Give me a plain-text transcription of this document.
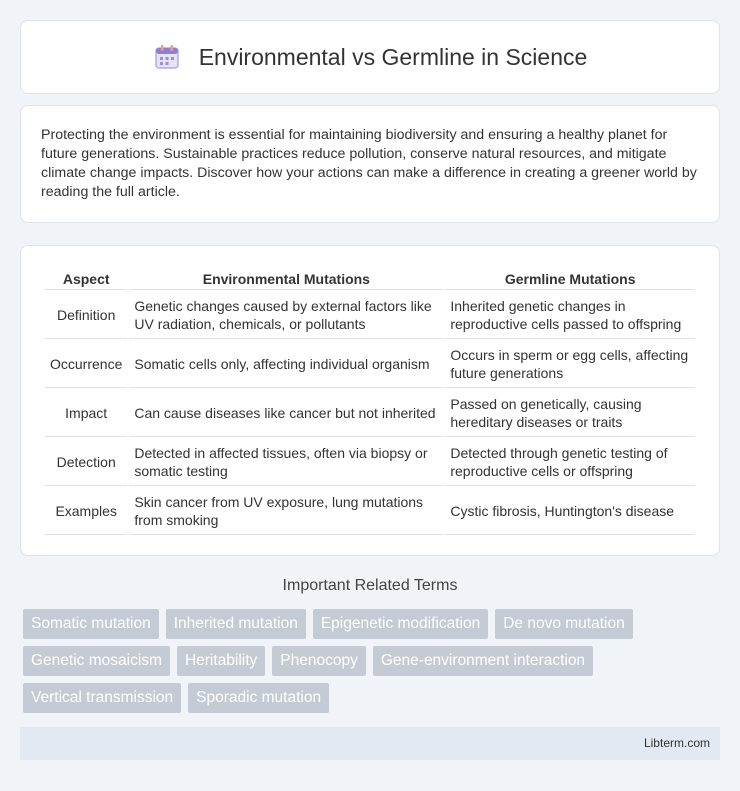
Environmental vs Germline in Science

Protecting the environment is essential for maintaining biodiversity and ensuring a healthy planet for future generations. Sustainable practices reduce pollution, conserve natural resources, and mitigate climate change impacts. Discover how your actions can make a difference in creating a greener world by reading the full article.

Aspect	Environmental Mutations	Germline Mutations
Definition	Genetic changes caused by external factors like UV radiation, chemicals, or pollutants	Inherited genetic changes in reproductive cells passed to offspring
Occurrence	Somatic cells only, affecting individual organism	Occurs in sperm or egg cells, affecting future generations
Impact	Can cause diseases like cancer but not inherited	Passed on genetically, causing hereditary diseases or traits
Detection	Detected in affected tissues, often via biopsy or somatic testing	Detected through genetic testing of reproductive cells or offspring
Examples	Skin cancer from UV exposure, lung mutations from smoking	Cystic fibrosis, Huntington's disease
Important Related Terms
Somatic mutation	Inherited mutation	Epigenetic modification	De novo mutation
Genetic mosaicism	Heritability	Phenocopy	Gene-environment interaction
Vertical transmission	Sporadic mutation
Libterm.com
